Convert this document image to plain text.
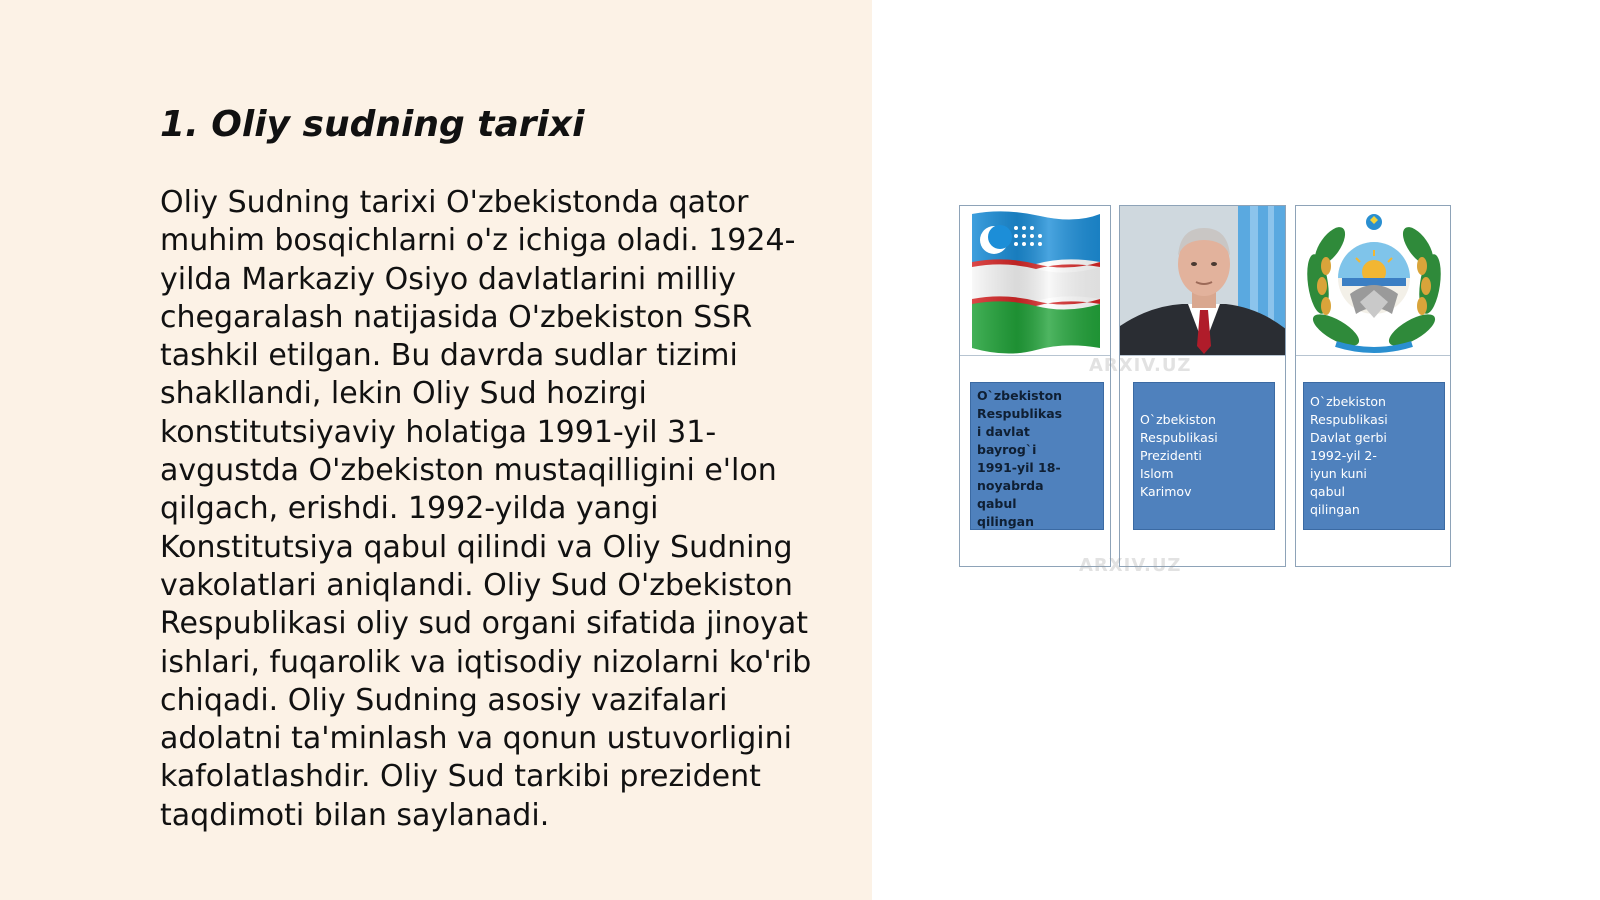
1. Oliy sudning tarixi
Oliy Sudning tarixi O'zbekistonda qator
muhim bosqichlarni o'z ichiga oladi. 1924-
yilda Markaziy Osiyo davlatlarini milliy
chegaralash natijasida O'zbekiston SSR
tashkil etilgan. Bu davrda sudlar tizimi
shakllandi, lekin Oliy Sud hozirgi
konstitutsiyaviy holatiga 1991-yil 31-
avgustda O'zbekiston mustaqilligini e'lon
qilgach, erishdi. 1992-yilda yangi
Konstitutsiya qabul qilindi va Oliy Sudning
vakolatlari aniqlandi. Oliy Sud O'zbekiston
Respublikasi oliy sud organi sifatida jinoyat
ishlari, fuqarolik va iqtisodiy nizolarni ko'rib
chiqadi. Oliy Sudning asosiy vazifalari
adolatni ta'minlash va qonun ustuvorligini
kafolatlashdir. Oliy Sud tarkibi prezident
taqdimoti bilan saylanadi.
O`zbekiston
Respublikas
i davlat
bayrog`i
1991-yil 18-
noyabrda
qabul
qilingan
O`zbekiston
Respublikasi
Prezidenti
Islom
Karimov
O`zbekiston
Respublikasi
Davlat gerbi
1992-yil 2-
iyun kuni
qabul
qilingan
ARXIV.UZ
ARXIV.UZ
